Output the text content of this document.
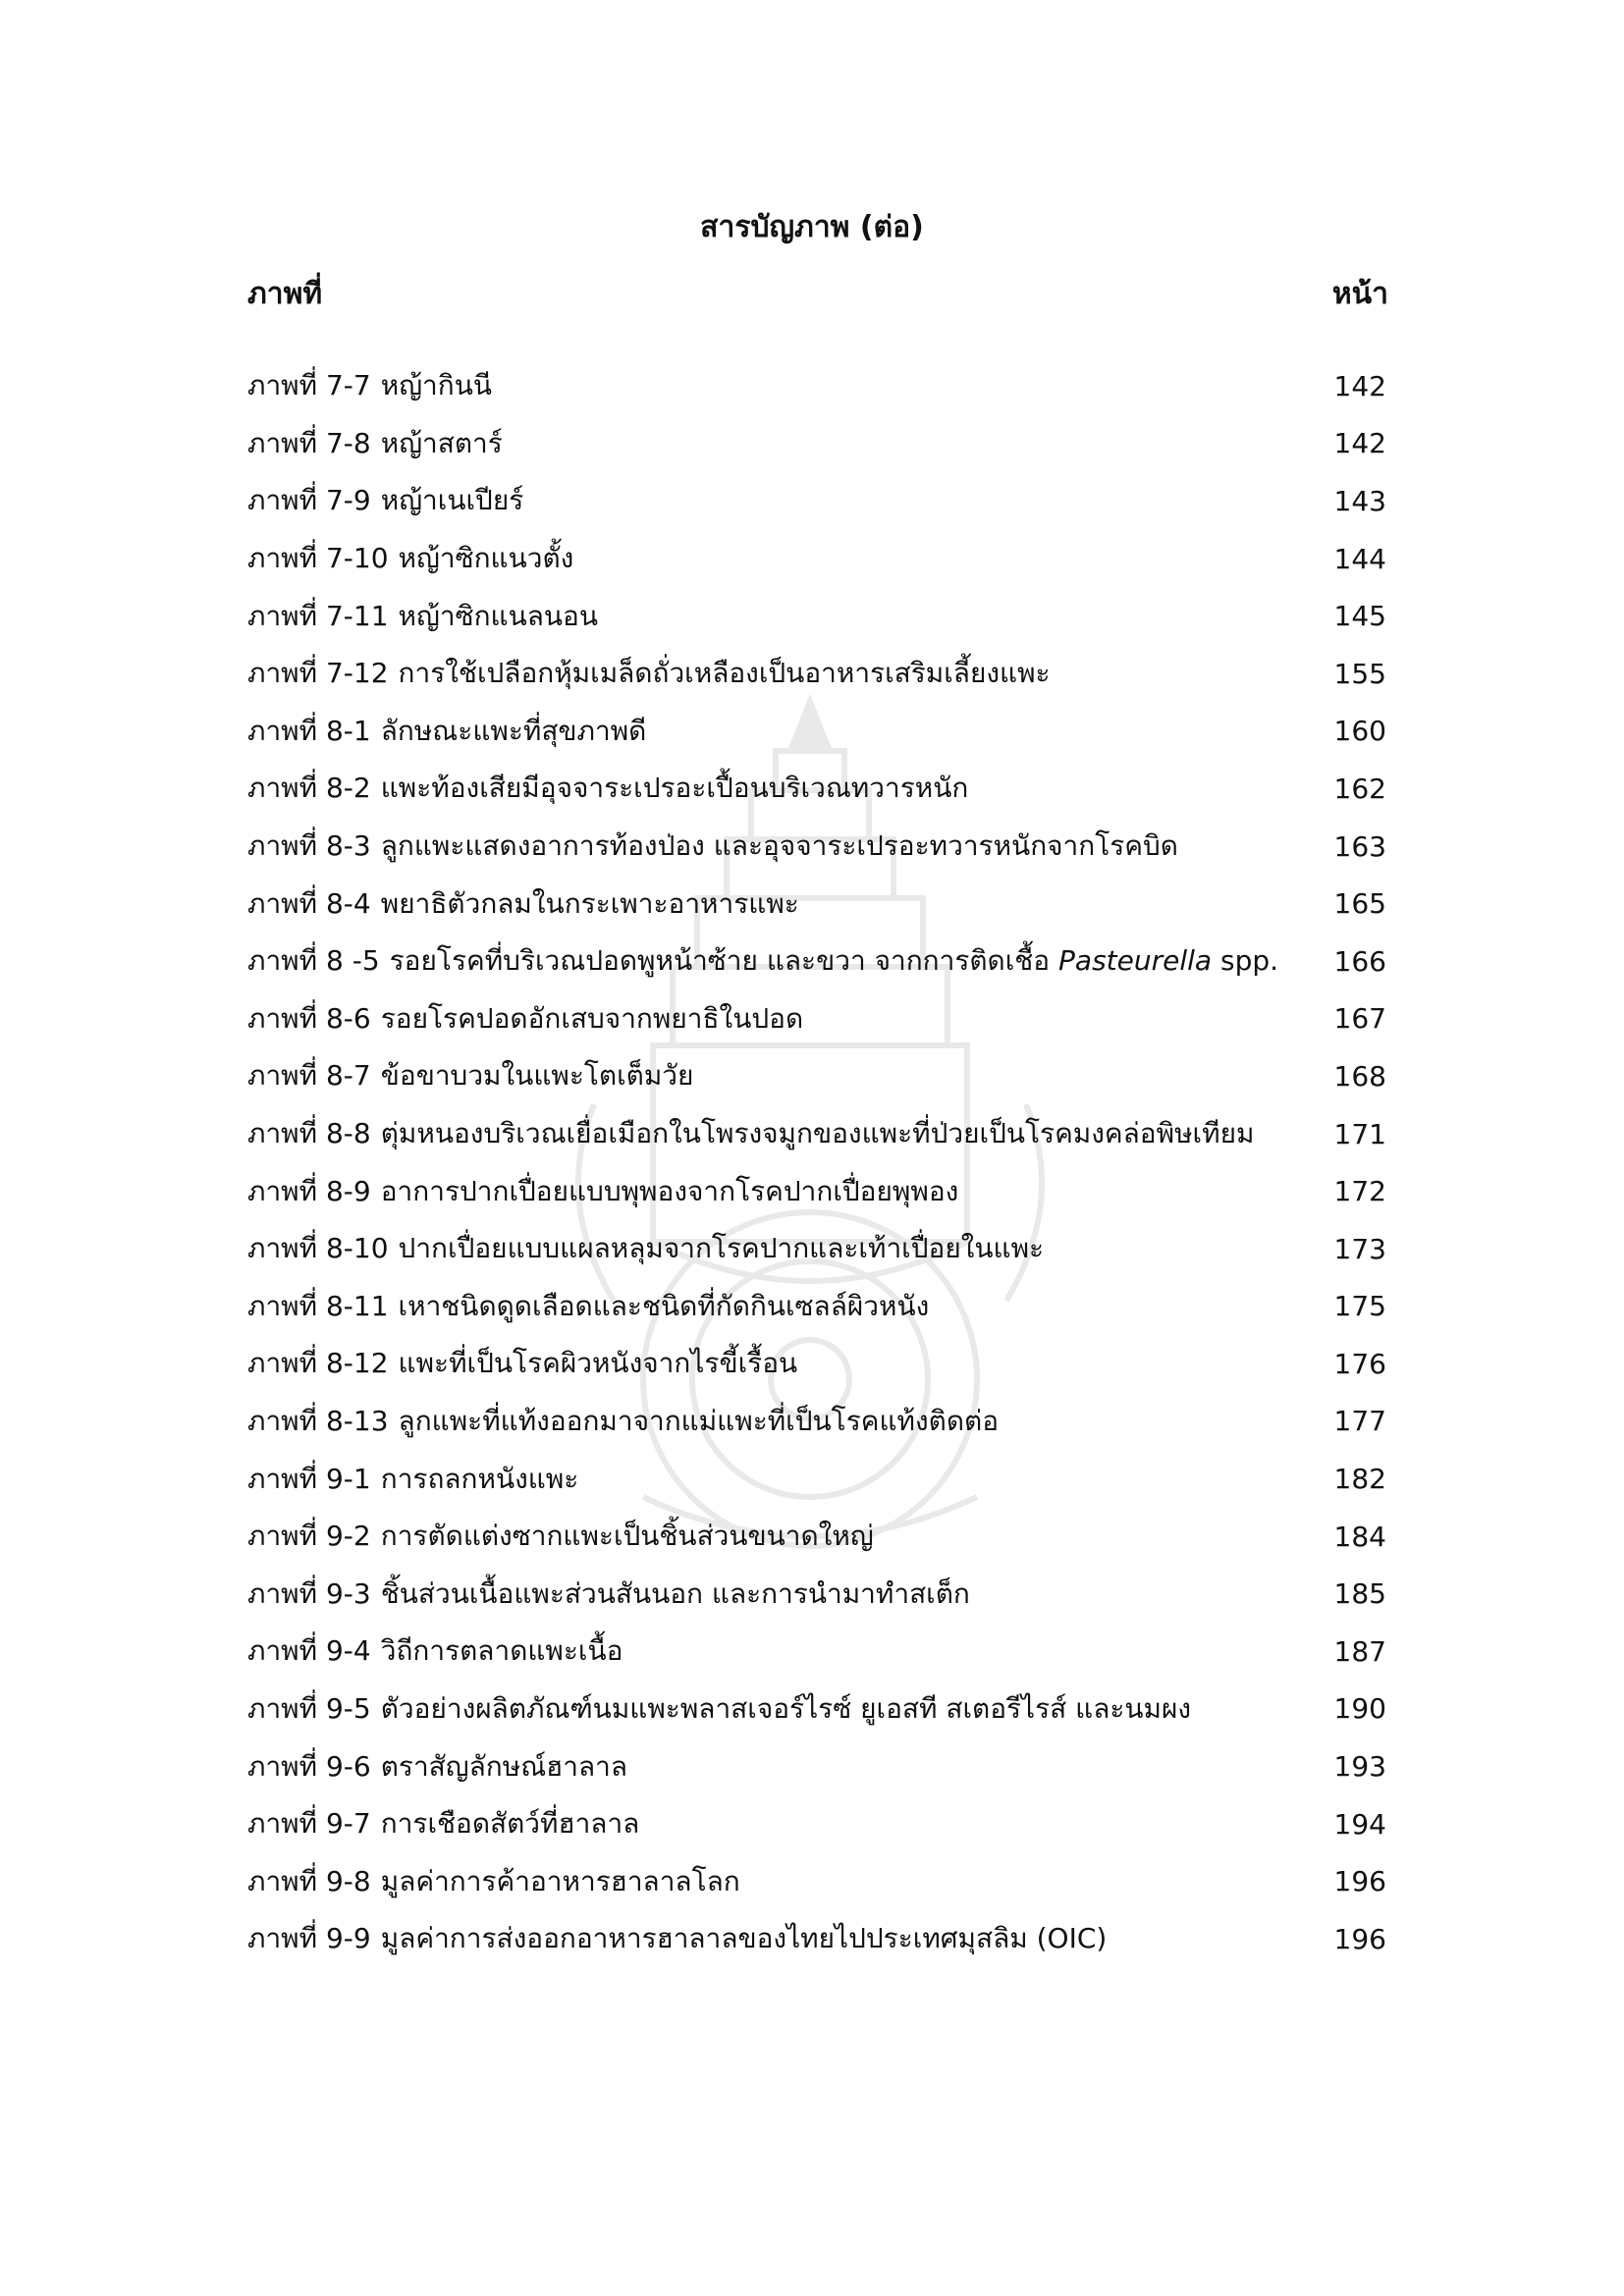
สารบัญภาพ (ต่อ)
ภาพที่	หน้า
ภาพที่ 7-7 หญ้ากินนี	142
ภาพที่ 7-8 หญ้าสตาร์	142
ภาพที่ 7-9 หญ้าเนเปียร์	143
ภาพที่ 7-10 หญ้าซิกแนวตั้ง	144
ภาพที่ 7-11 หญ้าซิกแนลนอน	145
ภาพที่ 7-12 การใช้เปลือกหุ้มเมล็ดถั่วเหลืองเป็นอาหารเสริมเลี้ยงแพะ	155
ภาพที่ 8-1 ลักษณะแพะที่สุขภาพดี	160
ภาพที่ 8-2 แพะท้องเสียมีอุจจาระเปรอะเปื้อนบริเวณทวารหนัก	162
ภาพที่ 8-3 ลูกแพะแสดงอาการท้องป่อง และอุจจาระเปรอะทวารหนักจากโรคบิด	163
ภาพที่ 8-4 พยาธิตัวกลมในกระเพาะอาหารแพะ	165
ภาพที่ 8 -5 รอยโรคที่บริเวณปอดพูหน้าซ้าย และขวา จากการติดเชื้อ Pasteurella spp.	166
ภาพที่ 8-6 รอยโรคปอดอักเสบจากพยาธิในปอด	167
ภาพที่ 8-7 ข้อขาบวมในแพะโตเต็มวัย	168
ภาพที่ 8-8 ตุ่มหนองบริเวณเยื่อเมือกในโพรงจมูกของแพะที่ป่วยเป็นโรคมงคล่อพิษเทียม	171
ภาพที่ 8-9 อาการปากเปื่อยแบบพุพองจากโรคปากเปื่อยพุพอง	172
ภาพที่ 8-10 ปากเปื่อยแบบแผลหลุมจากโรคปากและเท้าเปื่อยในแพะ	173
ภาพที่ 8-11 เหาชนิดดูดเลือดและชนิดที่กัดกินเซลล์ผิวหนัง	175
ภาพที่ 8-12 แพะที่เป็นโรคผิวหนังจากไรขี้เรื้อน	176
ภาพที่ 8-13 ลูกแพะที่แท้งออกมาจากแม่แพะที่เป็นโรคแท้งติดต่อ	177
ภาพที่ 9-1 การถลกหนังแพะ	182
ภาพที่ 9-2 การตัดแต่งซากแพะเป็นชิ้นส่วนขนาดใหญ่	184
ภาพที่ 9-3 ชิ้นส่วนเนื้อแพะส่วนสันนอก และการนำมาทำสเต็ก	185
ภาพที่ 9-4 วิถีการตลาดแพะเนื้อ	187
ภาพที่ 9-5 ตัวอย่างผลิตภัณฑ์นมแพะพลาสเจอร์ไรซ์ ยูเอสที สเตอรีไรส์ และนมผง	190
ภาพที่ 9-6 ตราสัญลักษณ์ฮาลาล	193
ภาพที่ 9-7 การเชือดสัตว์ที่ฮาลาล	194
ภาพที่ 9-8 มูลค่าการค้าอาหารฮาลาลโลก	196
ภาพที่ 9-9 มูลค่าการส่งออกอาหารฮาลาลของไทยไปประเทศมุสลิม (OIC)	196
